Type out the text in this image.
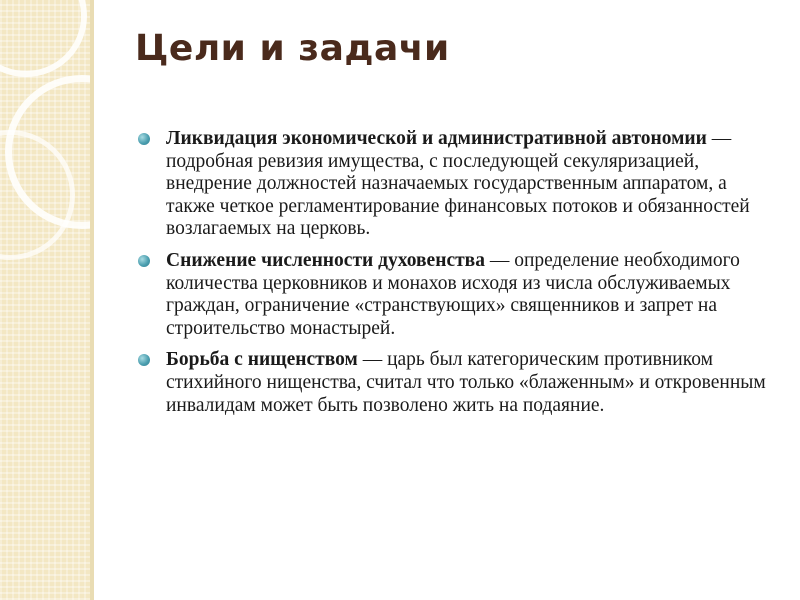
Цели и задачи
Ликвидация экономической и административной автономии — подробная ревизия имущества, с последующей секуляризацией, внедрение должностей назначаемых государственным аппаратом, а также четкое регламентирование финансовых потоков и обязанностей возлагаемых на церковь.
Снижение численности духовенства — определение необходимого количества церковников и монахов исходя из числа обслуживаемых граждан, ограничение «странствующих» священников и запрет на строительство монастырей.
Борьба с нищенством — царь был категорическим противником стихийного нищенства, считал что только «блаженным» и откровенным инвалидам может быть позволено жить на подаяние.
